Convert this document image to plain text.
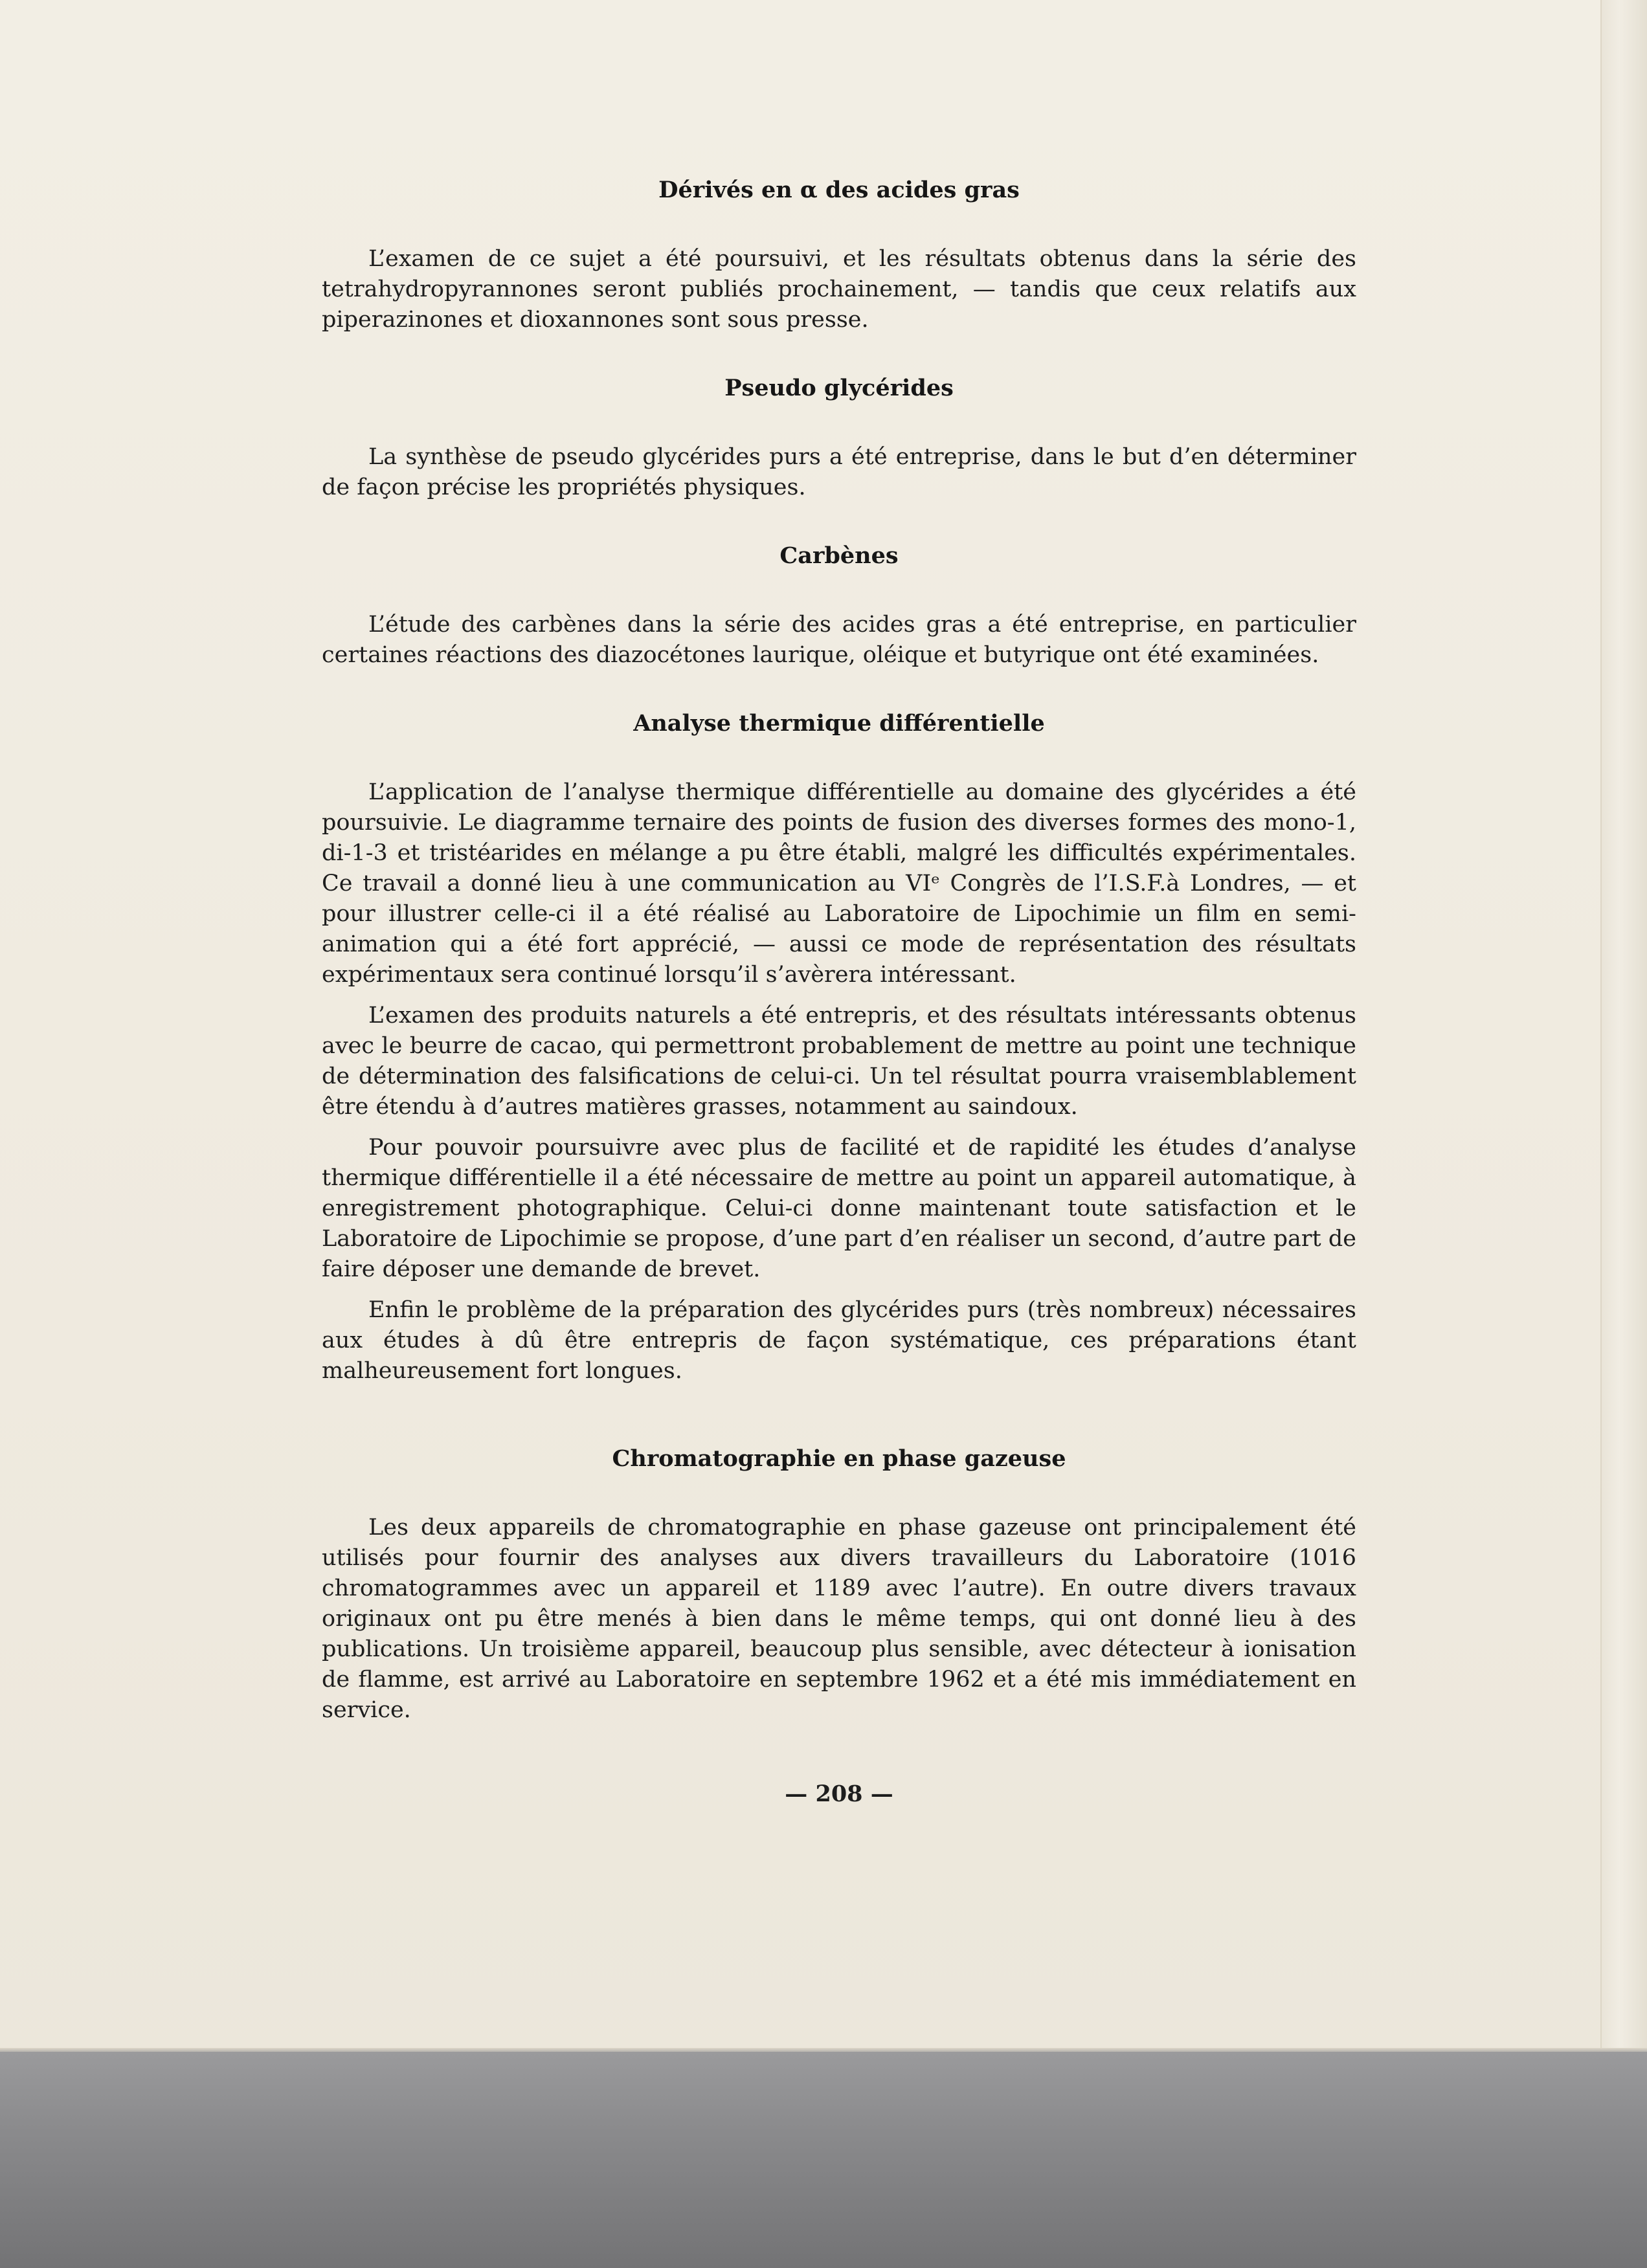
Dérivés en α des acides gras

L’examen de ce sujet a été poursuivi, et les résultats obtenus dans la série des tetrahydropyrannones seront publiés prochainement, — tandis que ceux relatifs aux piperazinones et dioxannones sont sous presse.

Pseudo glycérides

La synthèse de pseudo glycérides purs a été entreprise, dans le but d’en déterminer de façon précise les propriétés physiques.

Carbènes

L’étude des carbènes dans la série des acides gras a été entreprise, en particulier certaines réactions des diazocétones laurique, oléique et butyrique ont été examinées.

Analyse thermique différentielle

L’application de l’analyse thermique différentielle au domaine des glycérides a été poursuivie. Le diagramme ternaire des points de fusion des diverses formes des mono-1, di-1-3 et tristéarides en mélange a pu être établi, malgré les difficultés expérimentales. Ce travail a donné lieu à une communication au VIᵉ Congrès de l’I.S.F.à Londres, — et pour illustrer celle-ci il a été réalisé au Laboratoire de Lipochimie un film en semi-animation qui a été fort apprécié, — aussi ce mode de représentation des résultats expérimentaux sera continué lorsqu’il s’avèrera intéressant.

L’examen des produits naturels a été entrepris, et des résultats intéressants obtenus avec le beurre de cacao, qui permettront probablement de mettre au point une technique de détermination des falsifications de celui-ci. Un tel résultat pourra vraisemblablement être étendu à d’autres matières grasses, notamment au saindoux.

Pour pouvoir poursuivre avec plus de facilité et de rapidité les études d’analyse thermique différentielle il a été nécessaire de mettre au point un appareil automatique, à enregistrement photographique. Celui-ci donne maintenant toute satisfaction et le Laboratoire de Lipochimie se propose, d’une part d’en réaliser un second, d’autre part de faire déposer une demande de brevet.

Enfin le problème de la préparation des glycérides purs (très nombreux) nécessaires aux études à dû être entrepris de façon systématique, ces préparations étant malheureusement fort longues.

Chromatographie en phase gazeuse

Les deux appareils de chromatographie en phase gazeuse ont principalement été utilisés pour fournir des analyses aux divers travailleurs du Laboratoire (1016 chromatogrammes avec un appareil et 1189 avec l’autre). En outre divers travaux originaux ont pu être menés à bien dans le même temps, qui ont donné lieu à des publications. Un troisième appareil, beaucoup plus sensible, avec détecteur à ionisation de flamme, est arrivé au Laboratoire en septembre 1962 et a été mis immédiatement en service.

— 208 —
